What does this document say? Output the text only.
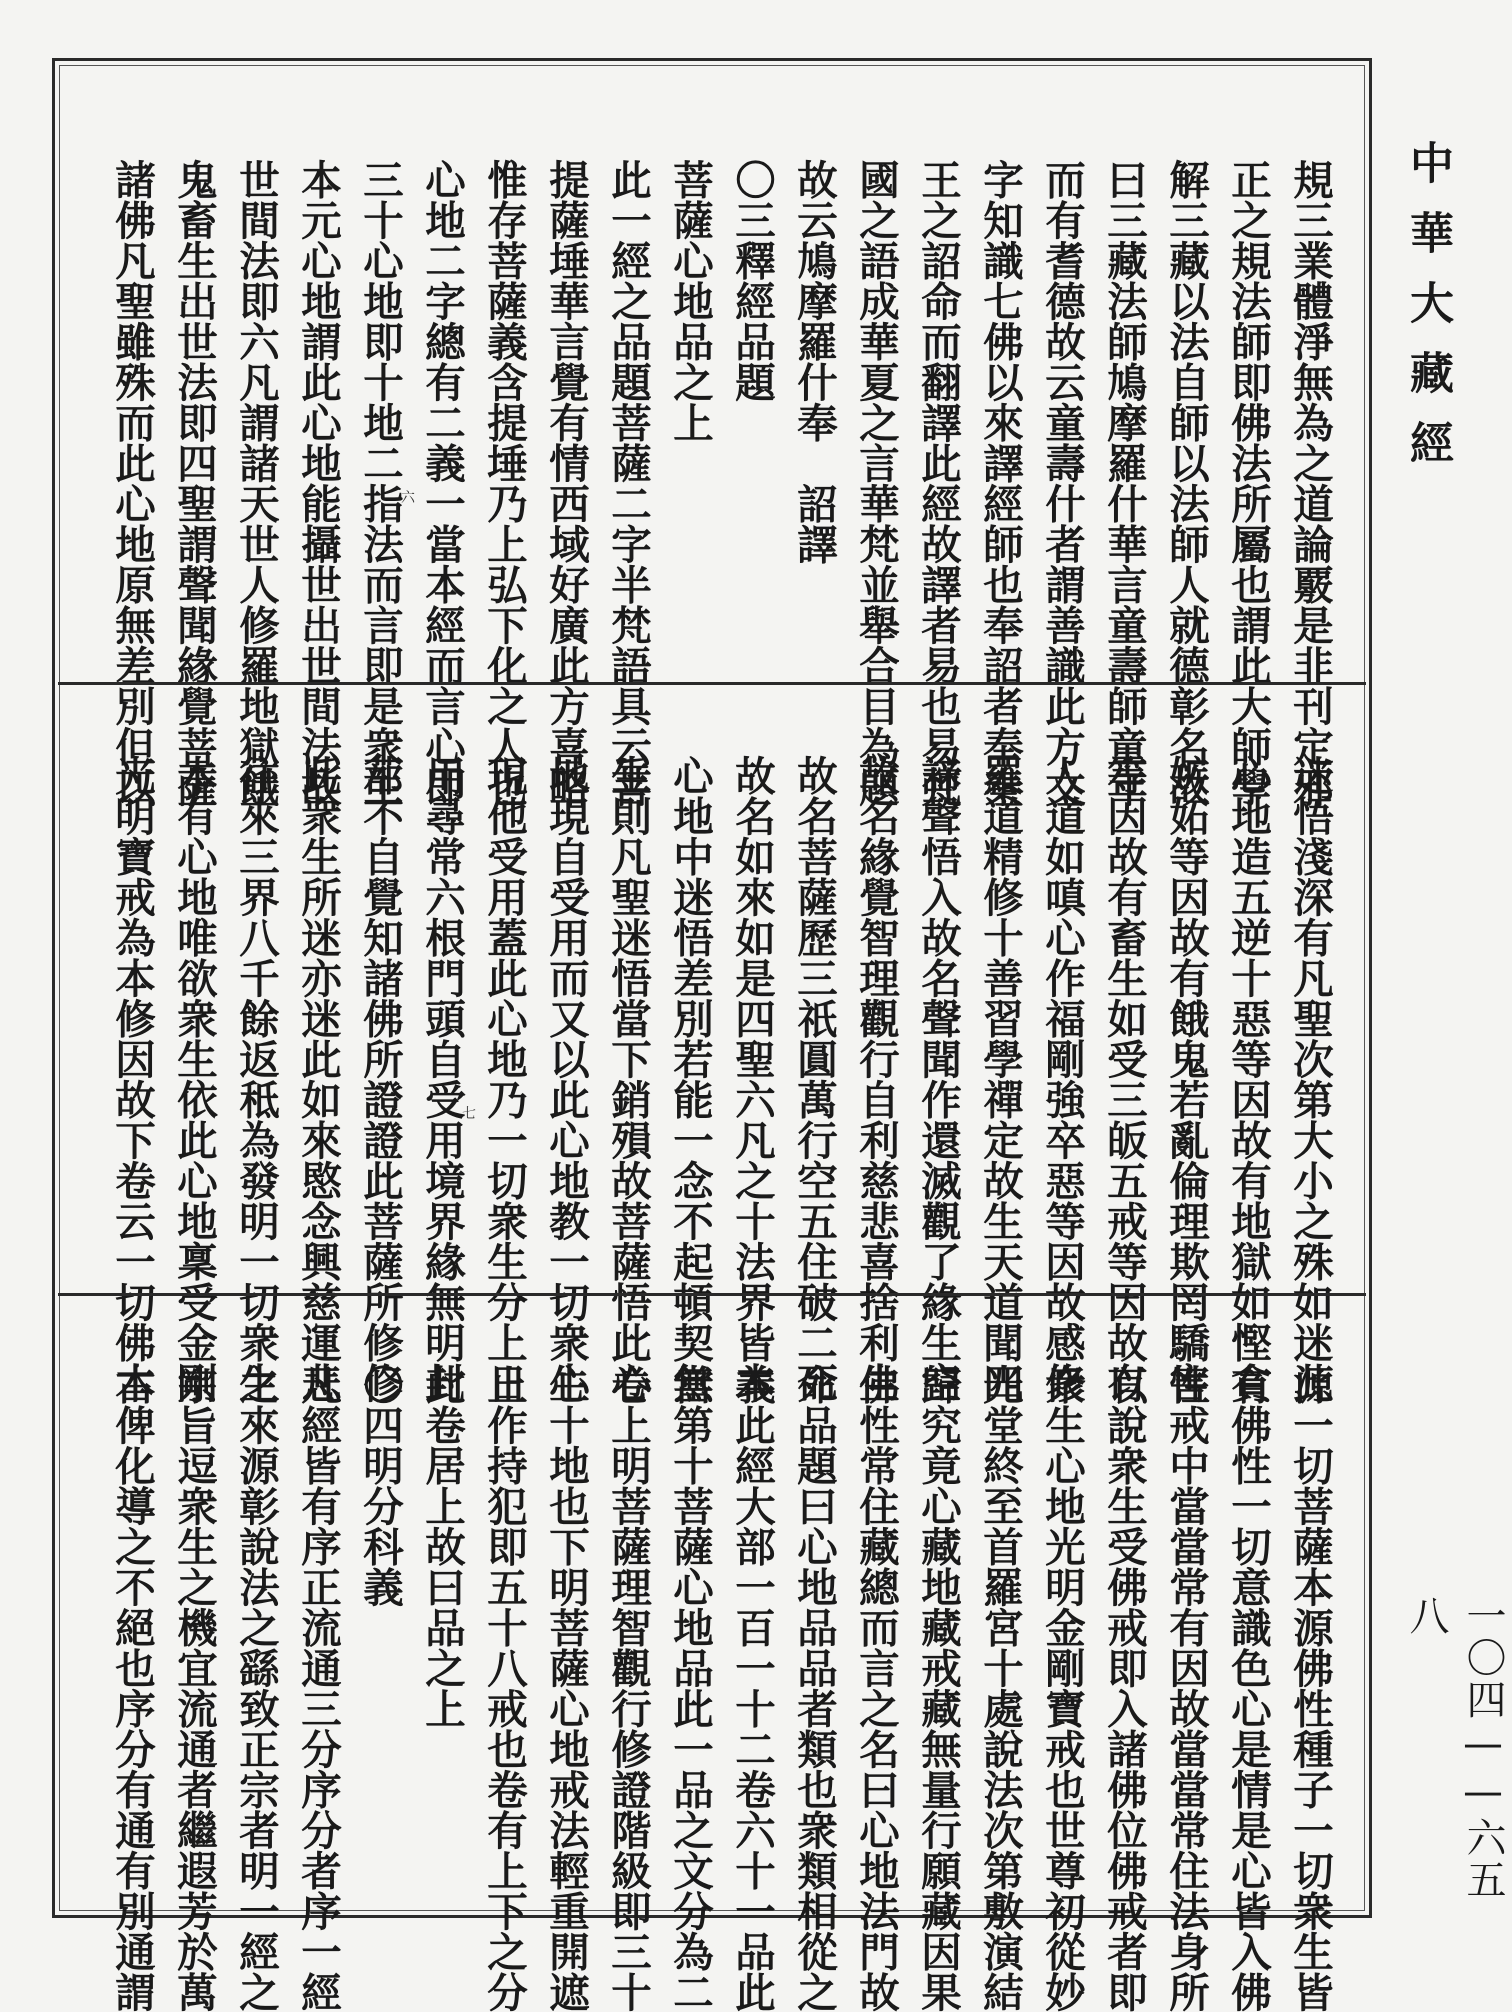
中華大藏經
一〇四——六五八
規三業體淨無為之道論覈是非刊定邪
正之規法師即佛法所屬也謂此大師學
解三藏以法自師以法師人就德彰名故
曰三藏法師鳩摩羅什華言童壽師童年
而有耆德故云童壽什者謂善識此方文
字知識七佛以來譯經師也奉詔者奉秦
王之詔命而翻譯此經故譯者易也易梵
國之語成華夏之言華梵並舉合目為題
故云鳩摩羅什奉　詔譯
〇三釋經品題
菩薩心地品之上
此一經之品題菩薩二字半梵語具云菩
提薩埵華言覺有情西域好廣此方喜略
惟存菩薩義含提埵乃上弘下化之人也
心地二字總有二義一當本經而言心即
三十心地即十地二指法而言即是衆生
本元心地謂此心地能攝世出世間法故
世間法即六凡謂諸天世人修羅地獄餓
鬼畜生出世法即四聖謂聲聞緣覺菩薩
諸佛凡聖雖殊而此心地原無差別但以	六
迷悟淺深有凡聖次第大小之殊如迷此
心地造五逆十惡等因故有地獄如慳貪
嫉妬等因故有餓鬼若亂倫理欺罔驕害
等因故有畜生如受三皈五戒等因故有
人道如嗔心作福剛強卒惡等因故感修
羅道精修十善習學禪定故生天道聞四
諦聲悟入故名聲聞作還滅觀了緣生空
故名緣覺智理觀行自利慈悲喜捨利生
故名菩薩歷三祇圓萬行空五住破二死
故名如來如是四聖六凡之十法界皆本
心地中迷悟差別若能一念不起頓契無
生則凡聖迷悟當下銷殞故菩薩悟此心
地現自受用而又以此心地教一切衆生
現他受用蓋此心地乃一切衆生分上日
用尋常六根門頭自受用境界緣無明封
蔀不自覺知諸佛所證證此菩薩所修修
此衆生所迷亦迷此如來愍念興慈運悲
往來三界八千餘返秪為發明一切衆生
本有心地唯欲衆生依此心地稟受金剛
光明寶戒為本修因故下卷云一切佛本	七
源一切菩薩本源佛性種子一切衆生皆
有佛性一切意識色心是情是心皆入佛
性戒中當當常有因故當當常住法身所
以說衆生受佛戒即入諸佛位佛戒者即
衆生心地光明金剛寶戒也世尊初從妙
光堂終至首羅宮十處說法次第敷演結
歸究竟心藏地藏戒藏無量行願藏因果
佛性常住藏總而言之名曰心地法門故
命品題曰心地品品者類也衆類相從之
義此經大部一百一十二卷六十一品此
當第十菩薩心地品此一品之文分為二
卷上明菩薩理智觀行修證階級即三十
心十地也下明菩薩心地戒法輕重開遮
止作持犯即五十八戒也卷有上下之分
此卷居上故曰品之上
〇四明分科義
凡經皆有序正流通三分序分者序一經
之來源彰說法之繇致正宗者明一經之
宗旨逗衆生之機宜流通者繼遐芳於萬
古俾化導之不絕也序分有通有別通謂
